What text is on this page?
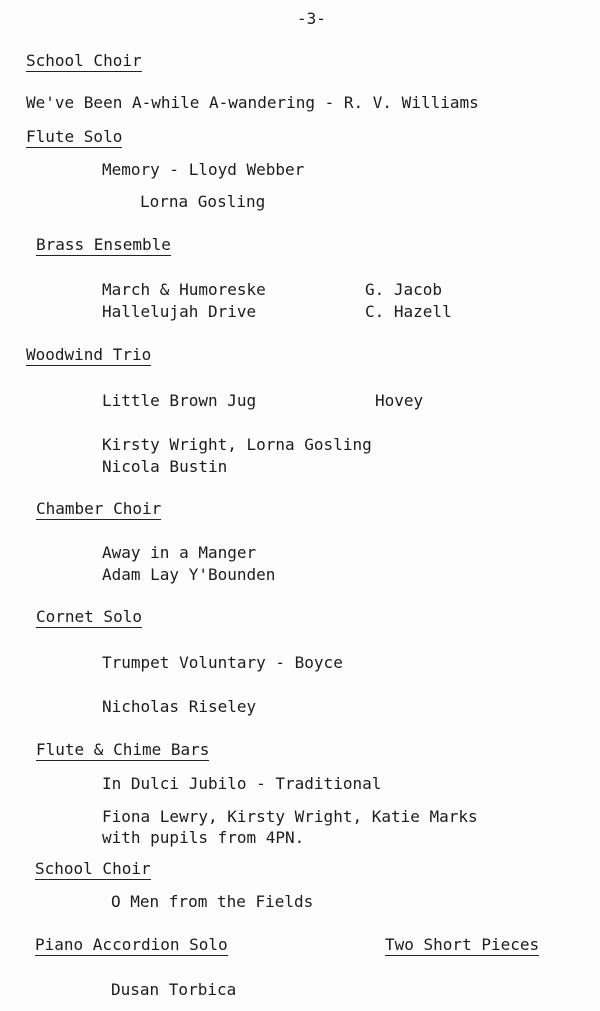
-3-
School Choir
We've Been A-while A-wandering - R. V. Williams
Flute Solo
Memory - Lloyd Webber
Lorna Gosling
Brass Ensemble
March & Humoreske	G. Jacob
Hallelujah Drive	C. Hazell
Woodwind Trio
Little Brown Jug	Hovey
Kirsty Wright, Lorna Gosling
Nicola Bustin
Chamber Choir
Away in a Manger
Adam Lay Y'Bounden
Cornet Solo
Trumpet Voluntary - Boyce
Nicholas Riseley
Flute & Chime Bars
In Dulci Jubilo - Traditional
Fiona Lewry, Kirsty Wright, Katie Marks
with pupils from 4PN.
School Choir
O Men from the Fields
Piano Accordion Solo	Two Short Pieces
Dusan Torbica
